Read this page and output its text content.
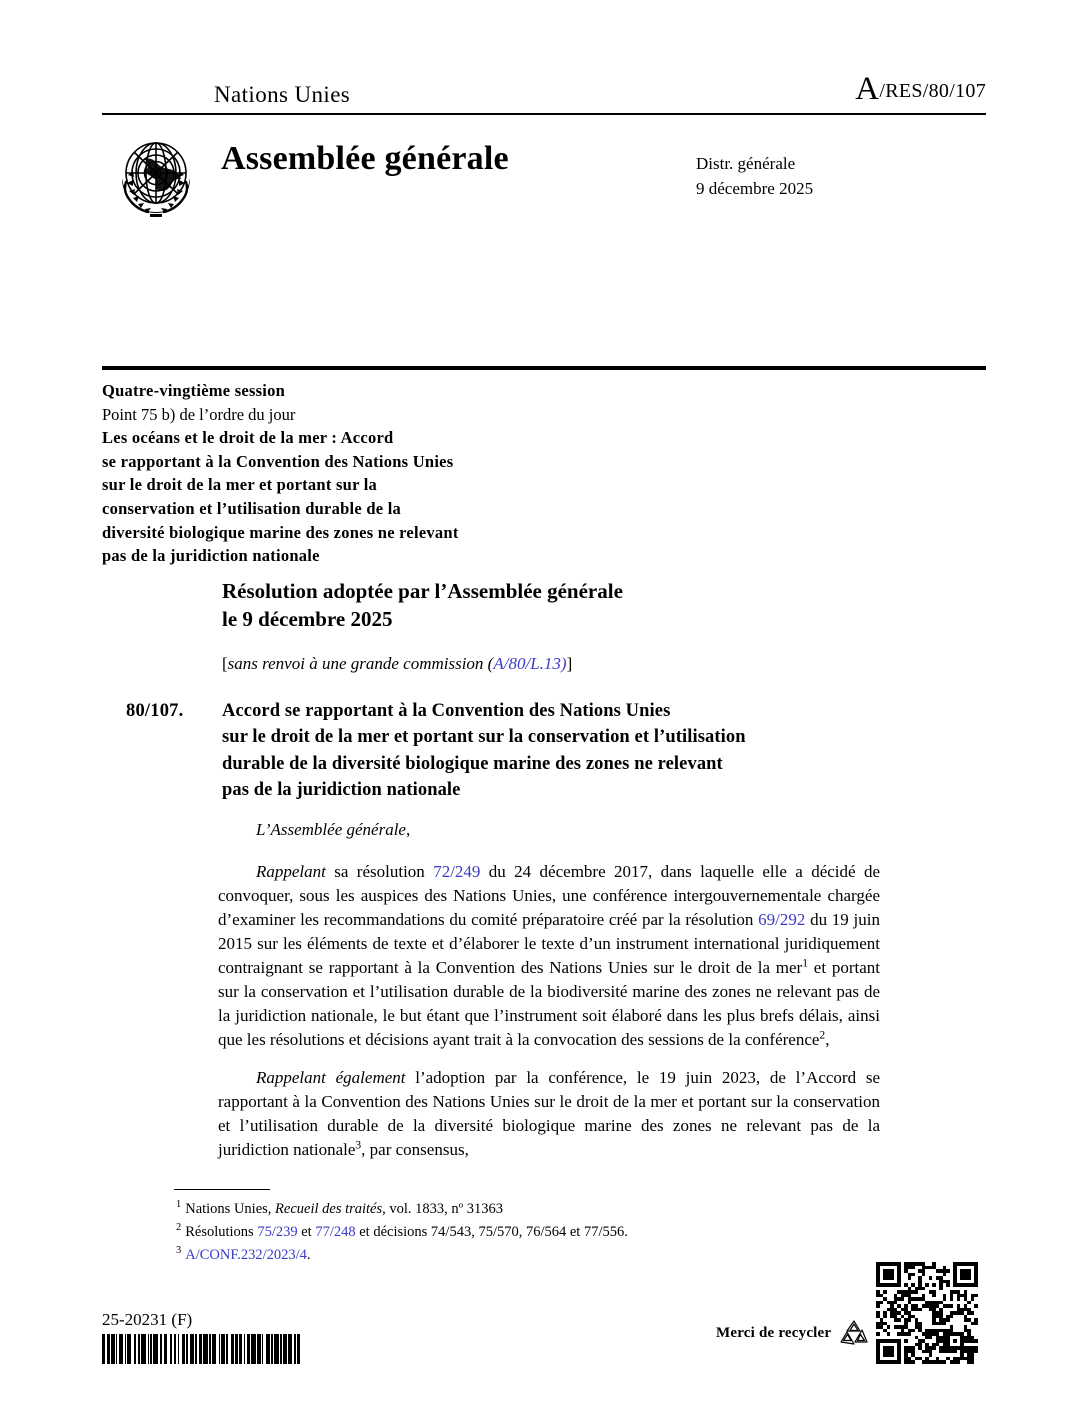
Nations Unies	A/RES/80/107
Assemblée générale	Distr. générale
9 décembre 2025
Quatre-vingtième session
Point 75 b) de l’ordre du jour
Les océans et le droit de la mer : Accord
se rapportant à la Convention des Nations Unies
sur le droit de la mer et portant sur la
conservation et l’utilisation durable de la
diversité biologique marine des zones ne relevant
pas de la juridiction nationale
Résolution adoptée par l’Assemblée générale
le 9 décembre 2025
[sans renvoi à une grande commission (A/80/L.13)]
80/107.	Accord se rapportant à la Convention des Nations Unies
sur le droit de la mer et portant sur la conservation et l’utilisation
durable de la diversité biologique marine des zones ne relevant
pas de la juridiction nationale

L’Assemblée générale,

Rappelant sa résolution 72/249 du 24 décembre 2017, dans laquelle elle a décidé de convoquer, sous les auspices des Nations Unies, une conférence intergouvernementale chargée d’examiner les recommandations du comité préparatoire créé par la résolution 69/292 du 19 juin 2015 sur les éléments de texte et d’élaborer le texte d’un instrument international juridiquement contraignant se rapportant à la Convention des Nations Unies sur le droit de la mer$^1$ et portant sur la conservation et l’utilisation durable de la biodiversité marine des zones ne relevant pas de la juridiction nationale, le but étant que l’instrument soit élaboré dans les plus brefs délais, ainsi que les résolutions et décisions ayant trait à la convocation des sessions de la conférence$^2$,

Rappelant également l’adoption par la conférence, le 19 juin 2023, de l’Accord se rapportant à la Convention des Nations Unies sur le droit de la mer et portant sur la conservation et l’utilisation durable de la diversité biologique marine des zones ne relevant pas de la juridiction nationale$^3$, par consensus,

$^1$ Nations Unies, Recueil des traités, vol. 1833, nº 31363
$^2$ Résolutions 75/239 et 77/248 et décisions 74/543, 75/570, 76/564 et 77/556.
$^3$ A/CONF.232/2023/4.
25-20231 (F)
Merci de recycler
